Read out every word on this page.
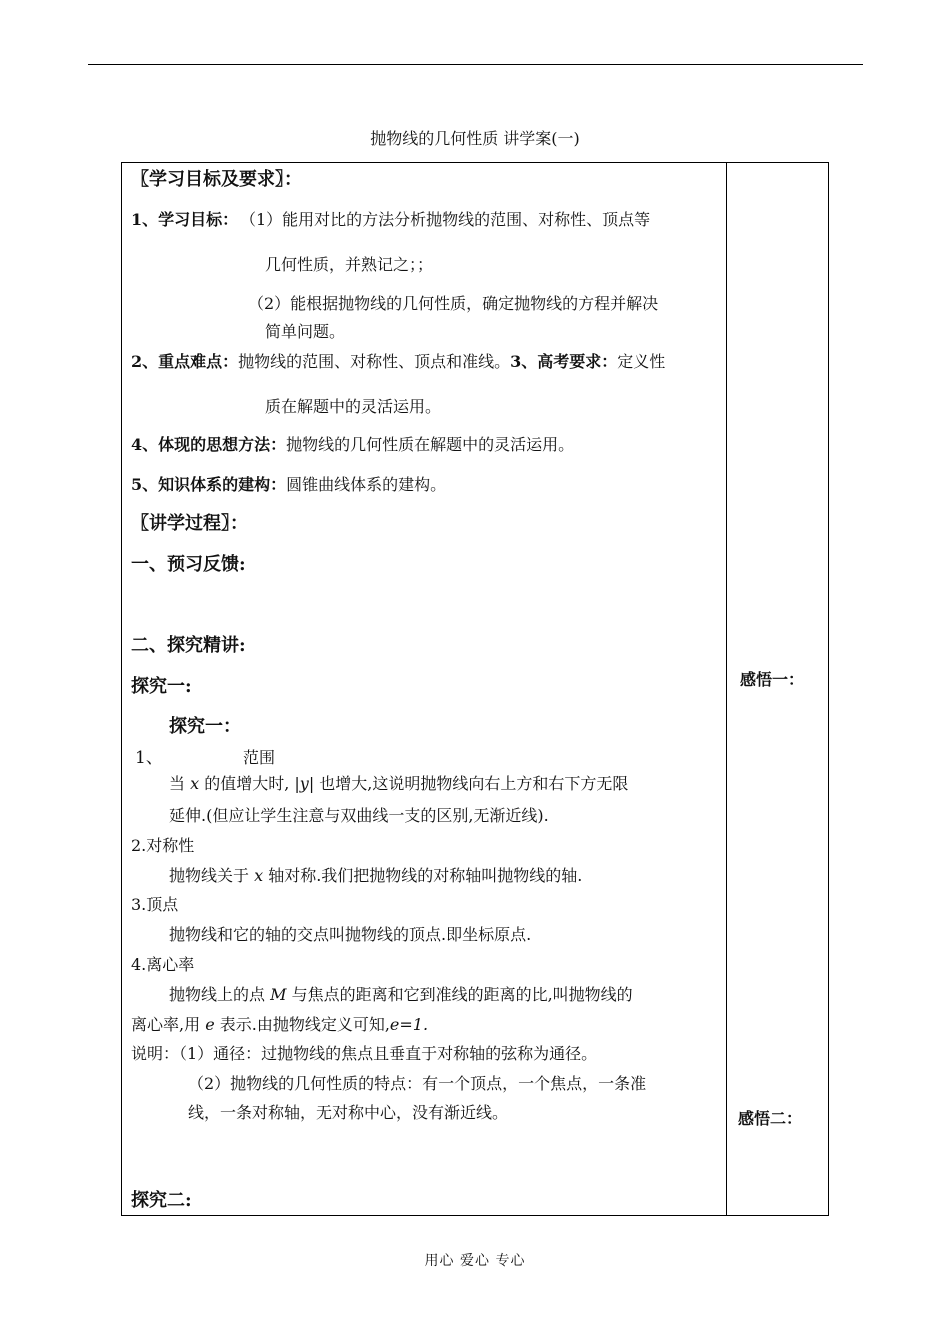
抛物线的几何性质 讲学案(一)
〖学习目标及要求〗：
1、学习目标： （1）能用对比的方法分析抛物线的范围、对称性、顶点等
几何性质，并熟记之；；
（2）能根据抛物线的几何性质，确定抛物线的方程并解决
简单问题。
2、重点难点：抛物线的范围、对称性、顶点和准线。3、高考要求：定义性
质在解题中的灵活运用。
4、体现的思想方法：抛物线的几何性质在解题中的灵活运用。
5、知识体系的建构：圆锥曲线体系的建构。
〖讲学过程〗：
一、预习反馈:
二、探究精讲:
探究一:
探究一：
1、	范围
当 x 的值增大时, |y| 也增大,这说明抛物线向右上方和右下方无限
延伸.(但应让学生注意与双曲线一支的区别,无渐近线).
2.对称性
抛物线关于 x 轴对称.我们把抛物线的对称轴叫抛物线的轴.
3.顶点
抛物线和它的轴的交点叫抛物线的顶点.即坐标原点.
4.离心率
抛物线上的点 M 与焦点的距离和它到准线的距离的比,叫抛物线的
离心率,用 e 表示.由抛物线定义可知,e=1.
说明：（1）通径：过抛物线的焦点且垂直于对称轴的弦称为通径。
（2）抛物线的几何性质的特点：有一个顶点，一个焦点，一条准
线，一条对称轴，无对称中心，没有渐近线。
探究二:
感悟一：
感悟二：
用心 爱心 专心
